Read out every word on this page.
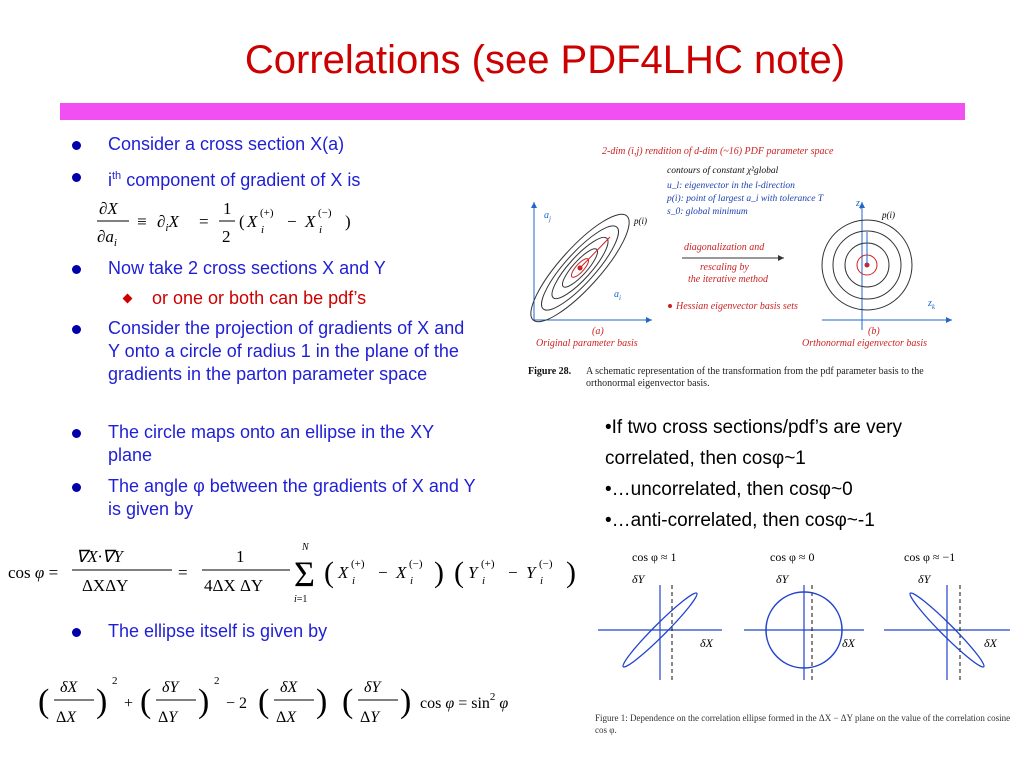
Correlations (see PDF4LHC note)
Consider a cross section X(a)
$i^{th}$ component of gradient of X is
Now take 2 cross sections X and Y
or one or both can be pdf’s
Consider the projection of gradients of X and Y onto a circle of radius 1 in the plane of the gradients in the parton parameter space
The circle maps onto an ellipse in the XY plane
The angle φ between the gradients of X and Y is given by
The ellipse itself is given by
∂X
$\partial a_i$
≡ $\partial_iX$ =
1
2
( X (+)
i − X (−)
i )
cos φ =
∇X·∇Y
ΔXΔY
=
1
4ΔX ΔY Σ
N
i=1
( X (+)
i − X (−)
i ) ( Y (+)
i − Y (−)
i )
( δX
ΔX )
2
+ ( δY
ΔY )
2
− 2 ( δX
ΔX ) ( δY
ΔY ) $\cos \varphi = \sin^2 \varphi$
2-dim (i,j) rendition of d-dim (~16) PDF parameter space
contours of constant χ²global
u_l: eigenvector in the l-direction
p(i): point of largest a_i with tolerance T
s_0: global minimum
$a_j$
$a_i$
p(i)
(a)
Original parameter basis
diagonalization and
rescaling by
the iterative method
Hessian eigenvector basis sets
$z_l$
$z_k$
p(i)
(b)
Orthonormal eigenvector basis
Figure 28. A schematic representation of the transformation from the pdf parameter basis to the orthonormal eigenvector basis.
•If two cross sections/pdf’s are very
correlated, then cosφ~1
•…uncorrelated, then cosφ~0
•…anti-correlated, then cosφ~-1
cos φ ≈ 1
δY
δX
cos φ ≈ 0
δY
δX
cos φ ≈ −1
δY
δX
Figure 1: Dependence on the correlation ellipse formed in the ΔX − ΔY plane on the value of the correlation cosine cos φ.
